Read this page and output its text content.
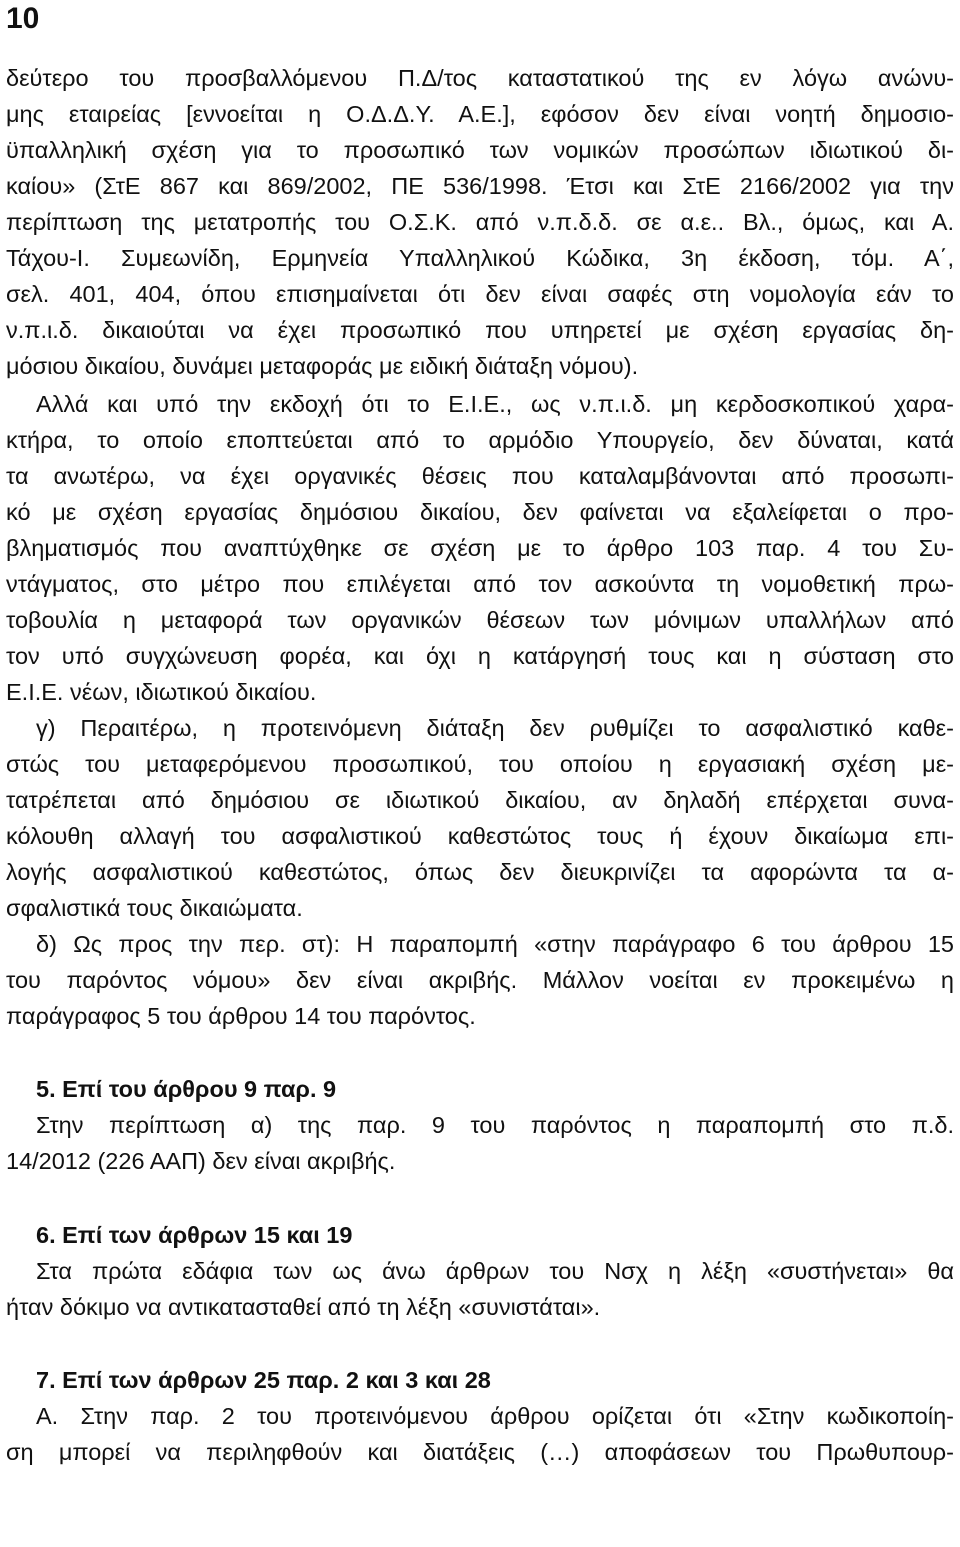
10
δεύτερο του προσβαλλόμενου Π.Δ/τος καταστατικού της εν λόγω ανώνυ-
μης εταιρείας [εννοείται η Ο.Δ.Δ.Υ. Α.Ε.], εφόσον δεν είναι νοητή δημοσιο-
ϋπαλληλική σχέση για το προσωπικό των νομικών προσώπων ιδιωτικού δι-
καίου» (ΣτΕ 867 και 869/2002, ΠΕ 536/1998. Έτσι και ΣτΕ 2166/2002 για την
περίπτωση της μετατροπής του Ο.Σ.Κ. από ν.π.δ.δ. σε α.ε.. Βλ., όμως, και Α.
Τάχου-Ι. Συμεωνίδη, Ερμηνεία Υπαλληλικού Κώδικα, 3η έκδοση, τόμ. Α΄,
σελ. 401, 404, όπου επισημαίνεται ότι δεν είναι σαφές στη νομολογία εάν το
ν.π.ι.δ. δικαιούται να έχει προσωπικό που υπηρετεί με σχέση εργασίας δη-
μόσιου δικαίου, δυνάμει μεταφοράς με ειδική διάταξη νόμου).
Αλλά και υπό την εκδοχή ότι το Ε.Ι.Ε., ως ν.π.ι.δ. μη κερδοσκοπικού χαρα-
κτήρα, το οποίο εποπτεύεται από το αρμόδιο Υπουργείο, δεν δύναται, κατά
τα ανωτέρω, να έχει οργανικές θέσεις που καταλαμβάνονται από προσωπι-
κό με σχέση εργασίας δημόσιου δικαίου, δεν φαίνεται να εξαλείφεται ο προ-
βληματισμός που αναπτύχθηκε σε σχέση με το άρθρο 103 παρ. 4 του Συ-
ντάγματος, στο μέτρο που επιλέγεται από τον ασκούντα τη νομοθετική πρω-
τοβουλία η μεταφορά των οργανικών θέσεων των μόνιμων υπαλλήλων από
τον υπό συγχώνευση φορέα, και όχι η κατάργησή τους και η σύσταση στο
Ε.Ι.Ε. νέων, ιδιωτικού δικαίου.
γ) Περαιτέρω, η προτεινόμενη διάταξη δεν ρυθμίζει το ασφαλιστικό καθε-
στώς του μεταφερόμενου προσωπικού, του οποίου η εργασιακή σχέση με-
τατρέπεται από δημόσιου σε ιδιωτικού δικαίου, αν δηλαδή επέρχεται συνα-
κόλουθη αλλαγή του ασφαλιστικού καθεστώτος τους ή έχουν δικαίωμα επι-
λογής ασφαλιστικού καθεστώτος, όπως δεν διευκρινίζει τα αφορώντα τα α-
σφαλιστικά τους δικαιώματα.
δ) Ως προς την περ. στ): Η παραπομπή «στην παράγραφο 6 του άρθρου 15
του παρόντος νόμου» δεν είναι ακριβής. Μάλλον νοείται εν προκειμένω η
παράγραφος 5 του άρθρου 14 του παρόντος.
5. Επί του άρθρου 9 παρ. 9
Στην περίπτωση α) της παρ. 9 του παρόντος η παραπομπή στο π.δ.
14/2012 (226 ΑΑΠ) δεν είναι ακριβής.
6. Επί των άρθρων 15 και 19
Στα πρώτα εδάφια των ως άνω άρθρων του Νσχ η λέξη «συστήνεται» θα
ήταν δόκιμο να αντικατασταθεί από τη λέξη «συνιστάται».
7. Επί των άρθρων 25 παρ. 2 και 3 και 28
Α. Στην παρ. 2 του προτεινόμενου άρθρου ορίζεται ότι «Στην κωδικοποίη-
ση μπορεί να περιληφθούν και διατάξεις (…) αποφάσεων του Πρωθυπουρ-
